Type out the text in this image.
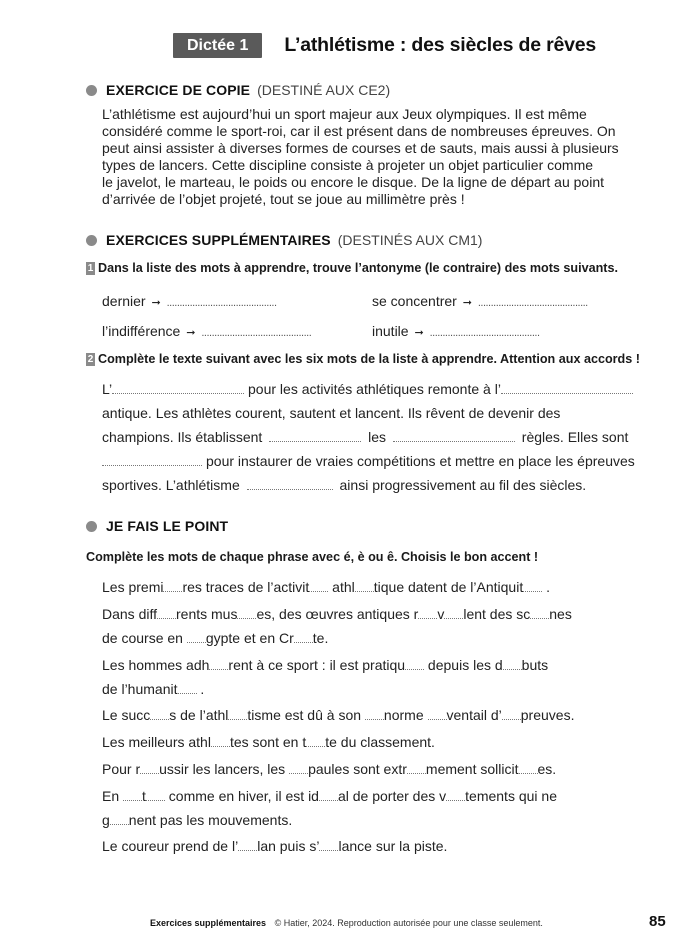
Dictée 1	L’athlétisme : des siècles de rêves
EXERCICE DE COPIE (DESTINÉ AUX CE2)
L’athlétisme est aujourd’hui un sport majeur aux Jeux olympiques. Il est même
considéré comme le sport-roi, car il est présent dans de nombreuses épreuves. On
peut ainsi assister à diverses formes de courses et de sauts, mais aussi à plusieurs
types de lancers. Cette discipline consiste à projeter un objet particulier comme
le javelot, le marteau, le poids ou encore le disque. De la ligne de départ au point
d’arrivée de l’objet projeté, tout se joue au millimètre près !
EXERCICES SUPPLÉMENTAIRES (DESTINÉS AUX CM1)
1 Dans la liste des mots à apprendre, trouve l’antonyme (le contraire) des mots suivants.
dernier ➞ ...........................................	se concentrer ➞ ...........................................
l’indifférence ➞ ...........................................	inutile ➞ ...........................................
2 Complète le texte suivant avec les six mots de la liste à apprendre. Attention aux accords !
L’	pour les activités athlétiques remonte à l’
antique. Les athlètes courent, sautent et lancent. Ils rêvent de devenir des
champions. Ils établissent	les	règles. Elles sont
pour instaurer de vraies compétitions et mettre en place les épreuves
sportives. L’athlétisme	ainsi progressivement au fil des siècles.
JE FAIS LE POINT
Complète les mots de chaque phrase avec é, è ou ê. Choisis le bon accent !
Les premi res traces de l’activit athl tique datent de l’Antiquit .
Dans diff rents mus es, des œuvres antiques r v lent des sc nes
de course en gypte et en Cr te.
Les hommes adh rent à ce sport : il est pratiqu depuis les d buts
de l’humanit .
Le succ s de l’athl tisme est dû à son norme ventail d’ preuves.
Les meilleurs athl tes sont en t te du classement.
Pour r ussir les lancers, les paules sont extr mement sollicit es.
En t comme en hiver, il est id al de porter des v tements qui ne
g nent pas les mouvements.
Le coureur prend de l’ lan puis s’ lance sur la piste.
Exercices supplémentaires © Hatier, 2024. Reproduction autorisée pour une classe seulement.	85
